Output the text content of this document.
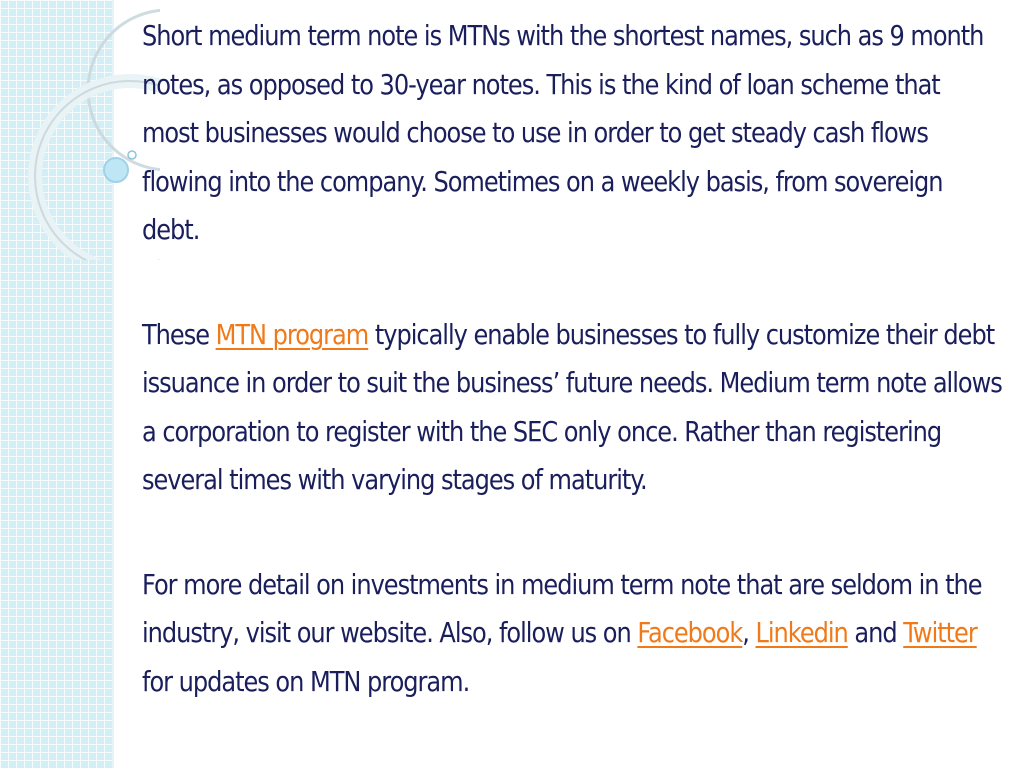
Short medium term note is MTNs with the shortest names, such as 9 month notes, as opposed to 30-year notes. This is the kind of loan scheme that most businesses would choose to use in order to get steady cash flows flowing into the company. Sometimes on a weekly basis, from sovereign debt.

These MTN program typically enable businesses to fully customize their debt issuance in order to suit the business’ future needs. Medium term note allows a corporation to register with the SEC only once. Rather than registering several times with varying stages of maturity.

For more detail on investments in medium term note that are seldom in the industry, visit our website. Also, follow us on Facebook, Linkedin and Twitter for updates on MTN program.
